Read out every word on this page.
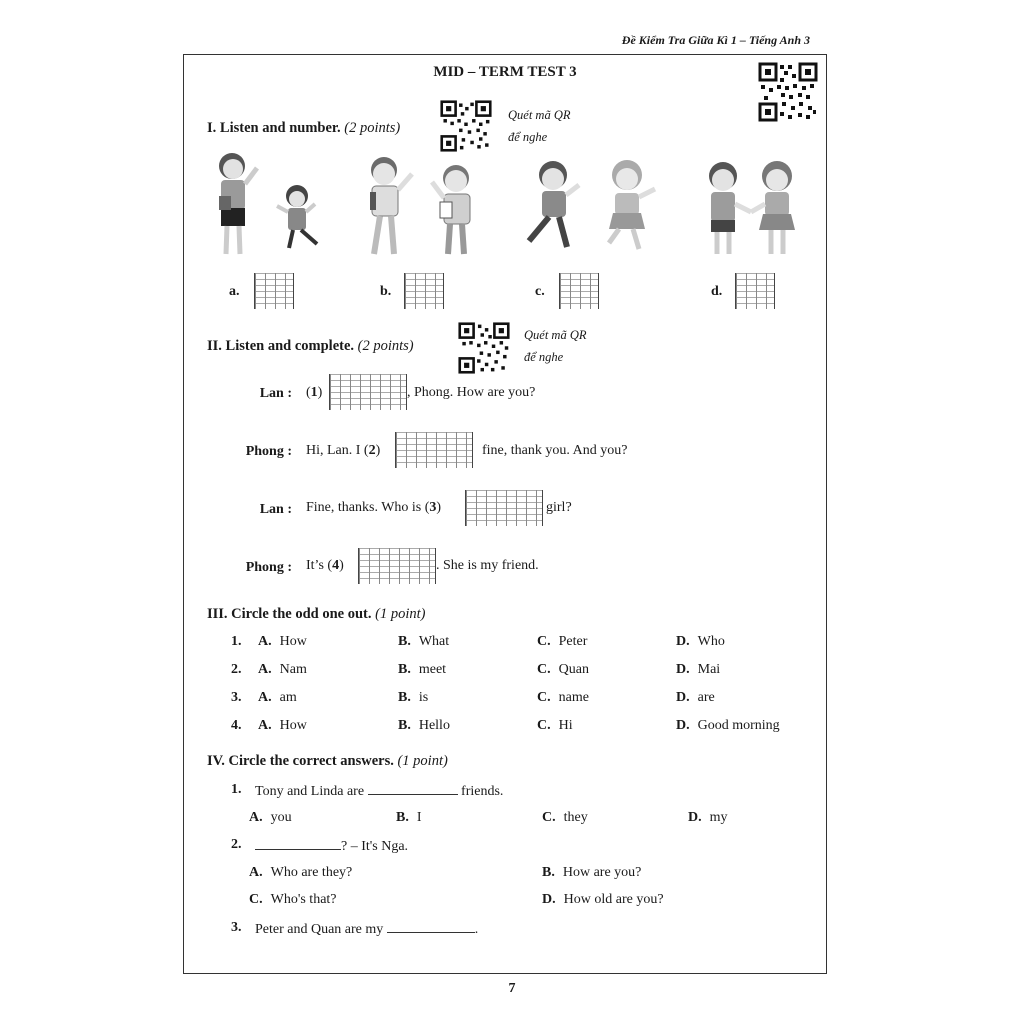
Đề Kiểm Tra Giữa Kì 1 – Tiếng Anh 3
MID – TERM TEST 3
I. Listen and number. (2 points)
Quét mã QR
để nghe
a.	b.	c.	d.
II. Listen and complete. (2 points)
Quét mã QR
để nghe
Lan : (1)	, Phong. How are you?
Phong : Hi, Lan. I (2)	fine, thank you. And you?
Lan : Fine, thanks. Who is (3)	girl?
Phong : It’s (4)	. She is my friend.
III. Circle the odd one out. (1 point)
1. A. How	B. What	C. Peter	D. Who
2. A. Nam	B. meet	C. Quan	D. Mai
3. A. am	B. is	C. name	D. are
4. A. How	B. Hello	C. Hi	D. Good morning
IV. Circle the correct answers. (1 point)
1. Tony and Linda are	friends.
A. you	B. I	C. they	D. my
2.	? – It's Nga.
A. Who are they?	B. How are you?
C. Who's that?	D. How old are you?
3. Peter and Quan are my	.
7
